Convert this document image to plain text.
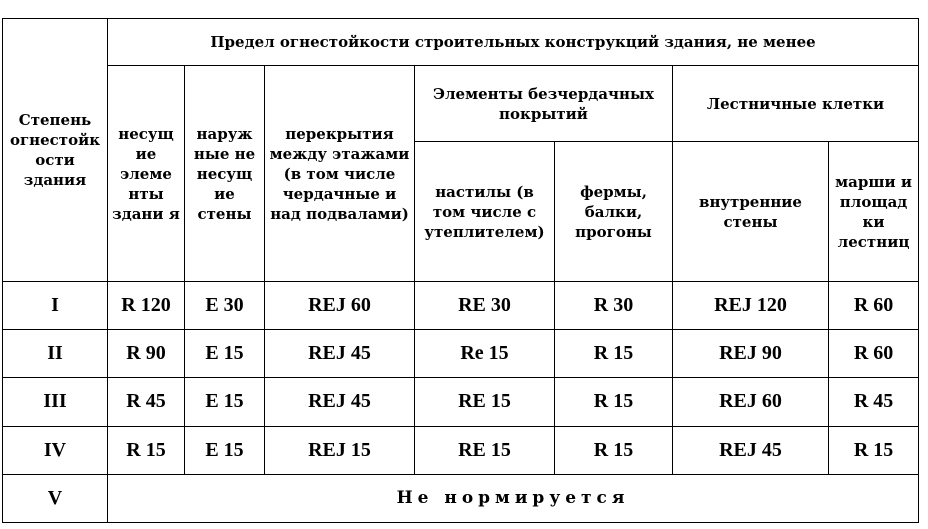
Степень огнестойк ости здания	Предел огнестойкости строительных конструкций здания, не менее						
	несущ ие элеме нты здани я	наруж ные не несущ ие стены	перекрытия между этажами (в том числе чердачные и над подвалами)	Элементы безчердачных покрытий		Лестничные клетки	
				настилы (в том числе с утеплителем)	фермы, балки, прогоны	внутренние стены	марши и площад ки лестниц
I	R 120	E 30	REJ 60	RE 30	R 30	REJ 120	R 60
II	R 90	E 15	REJ 45	Re 15	R 15	REJ 90	R 60
III	R 45	E 15	REJ 45	RE 15	R 15	REJ 60	R 45
IV	R 15	E 15	REJ 15	RE 15	R 15	REJ 45	R 15
V	Не нормируется						
